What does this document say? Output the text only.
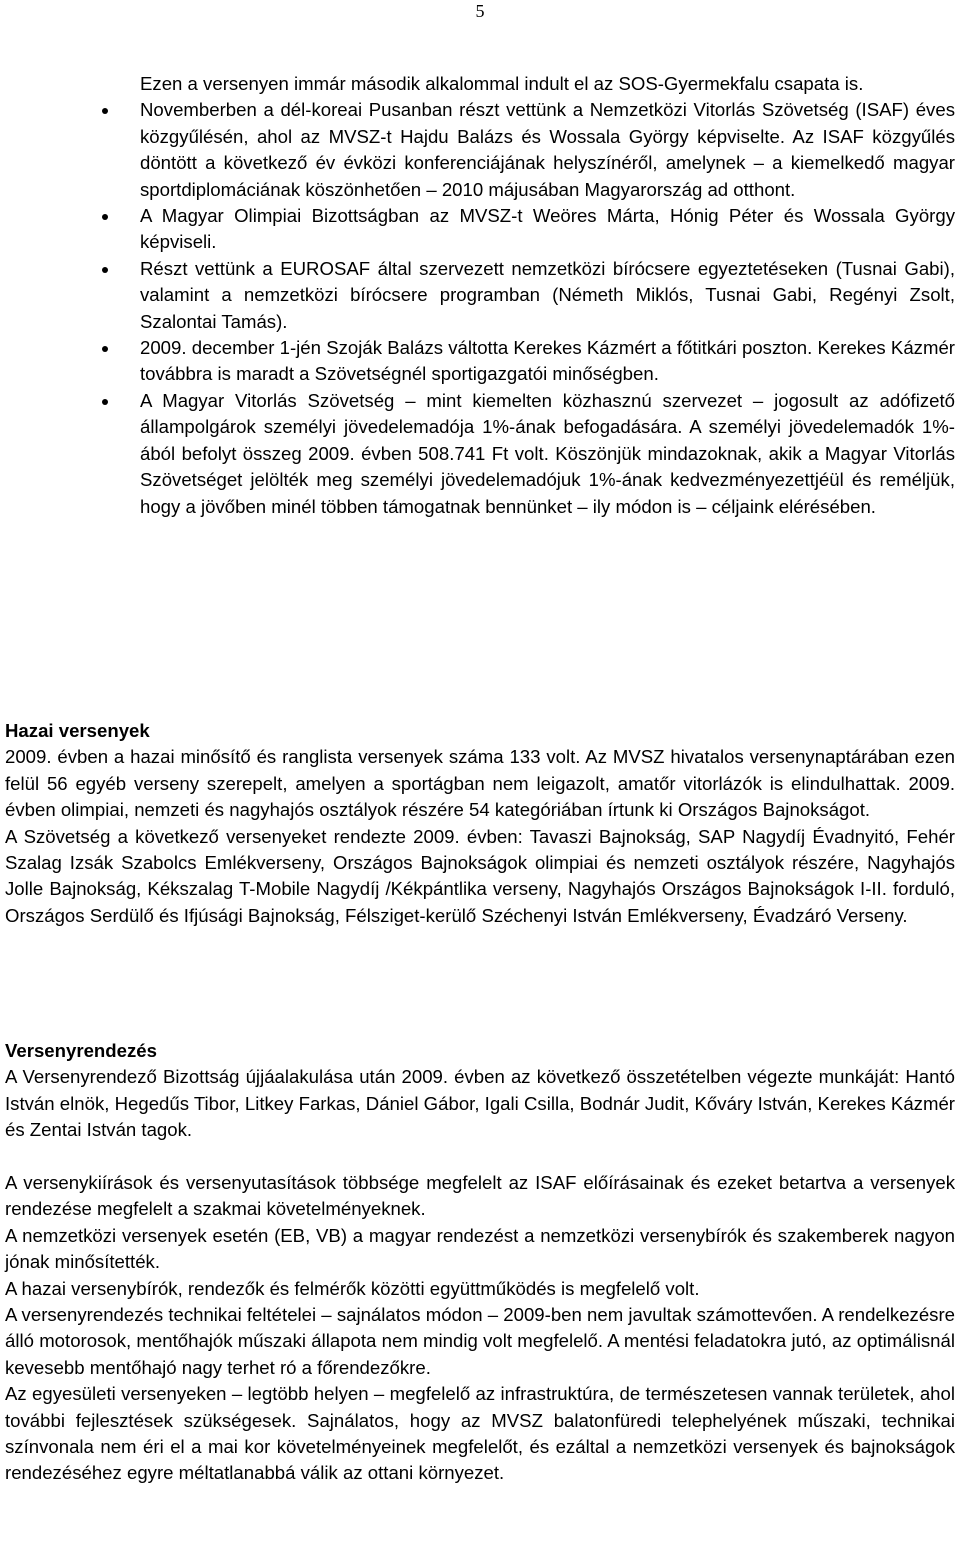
5

Ezen a versenyen immár második alkalommal indult el az SOS-Gyermekfalu csapata is.

Novemberben a dél-koreai Pusanban részt vettünk a Nemzetközi Vitorlás Szövetség (ISAF) éves közgyűlésén, ahol az MVSZ-t Hajdu Balázs és Wossala György képviselte. Az ISAF közgyűlés döntött a következő év évközi konferenciájának helyszínéről, amelynek – a kiemelkedő magyar sportdiplomáciának köszönhetően – 2010 májusában Magyarország ad otthont.

A Magyar Olimpiai Bizottságban az MVSZ-t Weöres Márta, Hónig Péter és Wossala György képviseli.

Részt vettünk a EUROSAF által szervezett nemzetközi bírócsere egyeztetéseken (Tusnai Gabi), valamint a nemzetközi bírócsere programban (Németh Miklós, Tusnai Gabi, Regényi Zsolt, Szalontai Tamás).

2009. december 1-jén Szoják Balázs váltotta Kerekes Kázmért a főtitkári poszton. Kerekes Kázmér továbbra is maradt a Szövetségnél sportigazgatói minőségben.

A Magyar Vitorlás Szövetség – mint kiemelten közhasznú szervezet – jogosult az adófizető állampolgárok személyi jövedelemadója 1%-ának befogadására. A személyi jövedelemadók 1%-ából befolyt összeg 2009. évben 508.741 Ft volt. Köszönjük mindazoknak, akik a Magyar Vitorlás Szövetséget jelölték meg személyi jövedelemadójuk 1%-ának kedvezményezettjéül és reméljük, hogy a jövőben minél többen támogatnak bennünket – ily módon is – céljaink elérésében.

Hazai versenyek

2009. évben a hazai minősítő és ranglista versenyek száma 133 volt. Az MVSZ hivatalos versenynaptárában ezen felül 56 egyéb verseny szerepelt, amelyen a sportágban nem leigazolt, amatőr vitorlázók is elindulhattak. 2009. évben olimpiai, nemzeti és nagyhajós osztályok részére 54 kategóriában írtunk ki Országos Bajnokságot.

A Szövetség a következő versenyeket rendezte 2009. évben: Tavaszi Bajnokság, SAP Nagydíj Évadnyitó, Fehér Szalag Izsák Szabolcs Emlékverseny, Országos Bajnokságok olimpiai és nemzeti osztályok részére, Nagyhajós Jolle Bajnokság, Kékszalag T-Mobile Nagydíj /Kékpántlika verseny, Nagyhajós Országos Bajnokságok I-II. forduló, Országos Serdülő és Ifjúsági Bajnokság, Félsziget-kerülő Széchenyi István Emlékverseny, Évadzáró Verseny.

Versenyrendezés

A Versenyrendező Bizottság újjáalakulása után 2009. évben az következő összetételben végezte munkáját: Hantó István elnök, Hegedűs Tibor, Litkey Farkas, Dániel Gábor, Igali Csilla, Bodnár Judit, Kőváry István, Kerekes Kázmér és Zentai István tagok.

A versenykiírások és versenyutasítások többsége megfelelt az ISAF előírásainak és ezeket betartva a versenyek rendezése megfelelt a szakmai követelményeknek.

A nemzetközi versenyek esetén (EB, VB) a magyar rendezést a nemzetközi versenybírók és szakemberek nagyon jónak minősítették.

A hazai versenybírók, rendezők és felmérők közötti együttműködés is megfelelő volt.

A versenyrendezés technikai feltételei – sajnálatos módon – 2009-ben nem javultak számottevően. A rendelkezésre álló motorosok, mentőhajók műszaki állapota nem mindig volt megfelelő. A mentési feladatokra jutó, az optimálisnál kevesebb mentőhajó nagy terhet ró a főrendezőkre.

Az egyesületi versenyeken – legtöbb helyen – megfelelő az infrastruktúra, de természetesen vannak területek, ahol további fejlesztések szükségesek. Sajnálatos, hogy az MVSZ balatonfüredi telephelyének műszaki, technikai színvonala nem éri el a mai kor követelményeinek megfelelőt, és ezáltal a nemzetközi versenyek és bajnokságok rendezéséhez egyre méltatlanabbá válik az ottani környezet.
